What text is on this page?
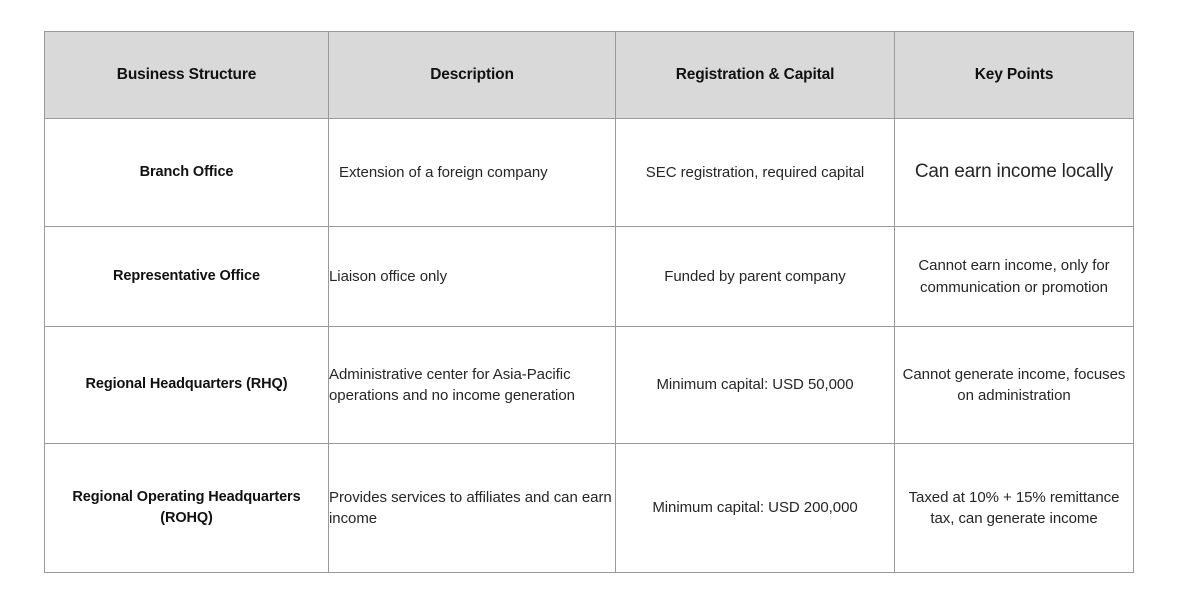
Business Structure	Description	Registration & Capital	Key Points
Branch Office	Extension of a foreign company	SEC registration, required capital	Can earn income locally
Representative Office	Liaison office only	Funded by parent company	Cannot earn income, only for communication or promotion
Regional Headquarters (RHQ)	Administrative center for Asia-Pacific operations and no income generation	Minimum capital: USD 50,000	Cannot generate income, focuses on administration
Regional Operating Headquarters (ROHQ)	Provides services to affiliates and can earn income	Minimum capital: USD 200,000	Taxed at 10% + 15% remittance tax, can generate income
